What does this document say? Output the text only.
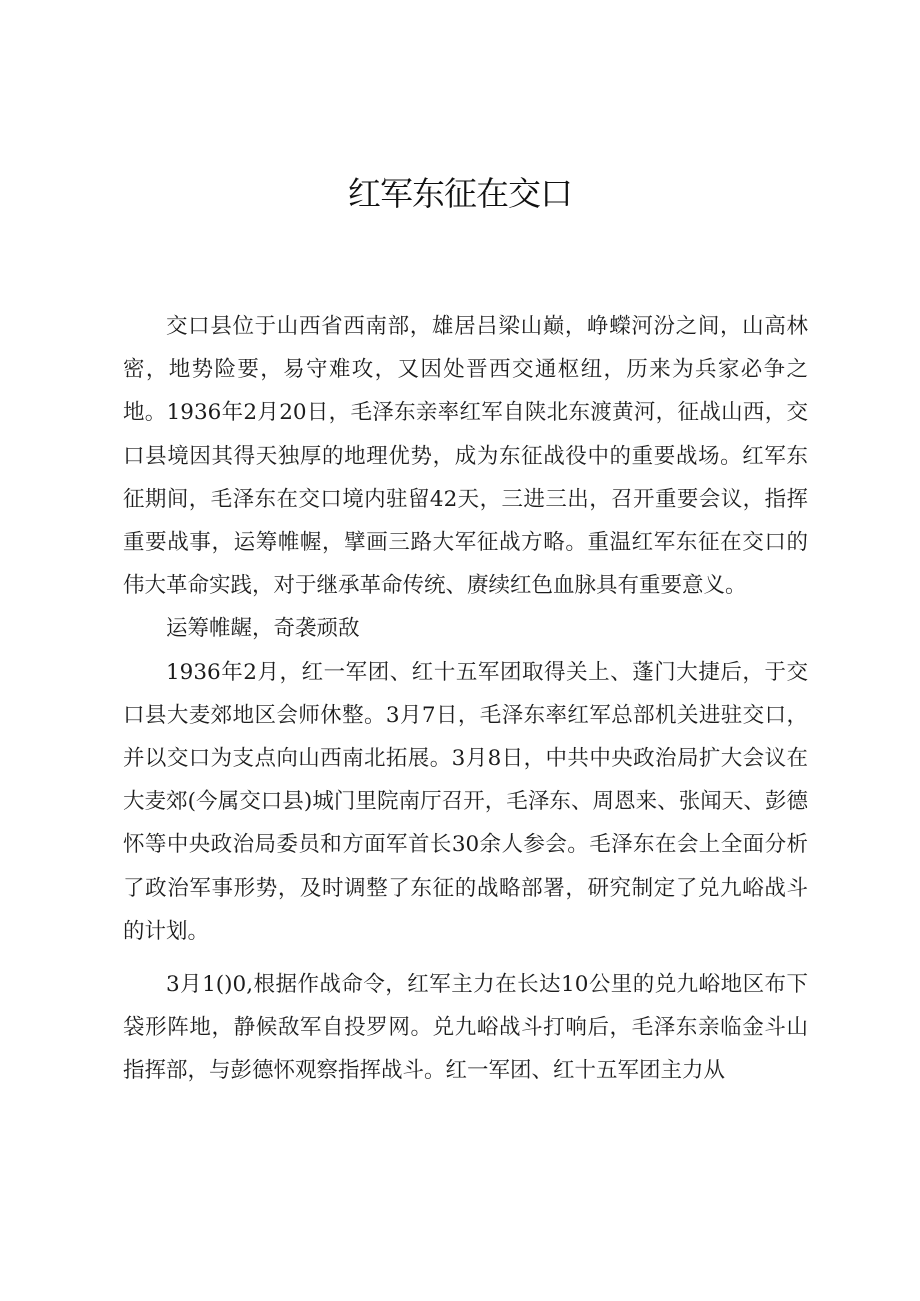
红军东征在交口

交口县位于山西省西南部，雄居吕梁山巅，峥蠑河汾之间，山高林密，地势险要，易守难攻，又因处晋西交通枢纽，历来为兵家必争之地。1936年2月20日，毛泽东亲率红军自陕北东渡黄河，征战山西，交口县境因其得天独厚的地理优势，成为东征战役中的重要战场。红军东征期间，毛泽东在交口境内驻留42天，三进三出，召开重要会议，指挥重要战事，运筹帷幄，擘画三路大军征战方略。重温红军东征在交口的伟大革命实践，对于继承革命传统、赓续红色血脉具有重要意义。

运筹帷龌，奇袭顽敌

1936年2月，红一军团、红十五军团取得关上、蓬门大捷后，于交口县大麦郊地区会师休整。3月7日，毛泽东率红军总部机关进驻交口，并以交口为支点向山西南北拓展。3月8日，中共中央政治局扩大会议在大麦郊(今属交口县)城门里院南厅召开，毛泽东、周恩来、张闻天、彭德怀等中央政治局委员和方面军首长30余人参会。毛泽东在会上全面分析了政治军事形势，及时调整了东征的战略部署，研究制定了兑九峪战斗的计划。

3月1()0,根据作战命令，红军主力在长达10公里的兑九峪地区布下袋形阵地，静候敌军自投罗网。兑九峪战斗打响后，毛泽东亲临金斗山指挥部，与彭德怀观察指挥战斗。红一军团、红十五军团主力从
